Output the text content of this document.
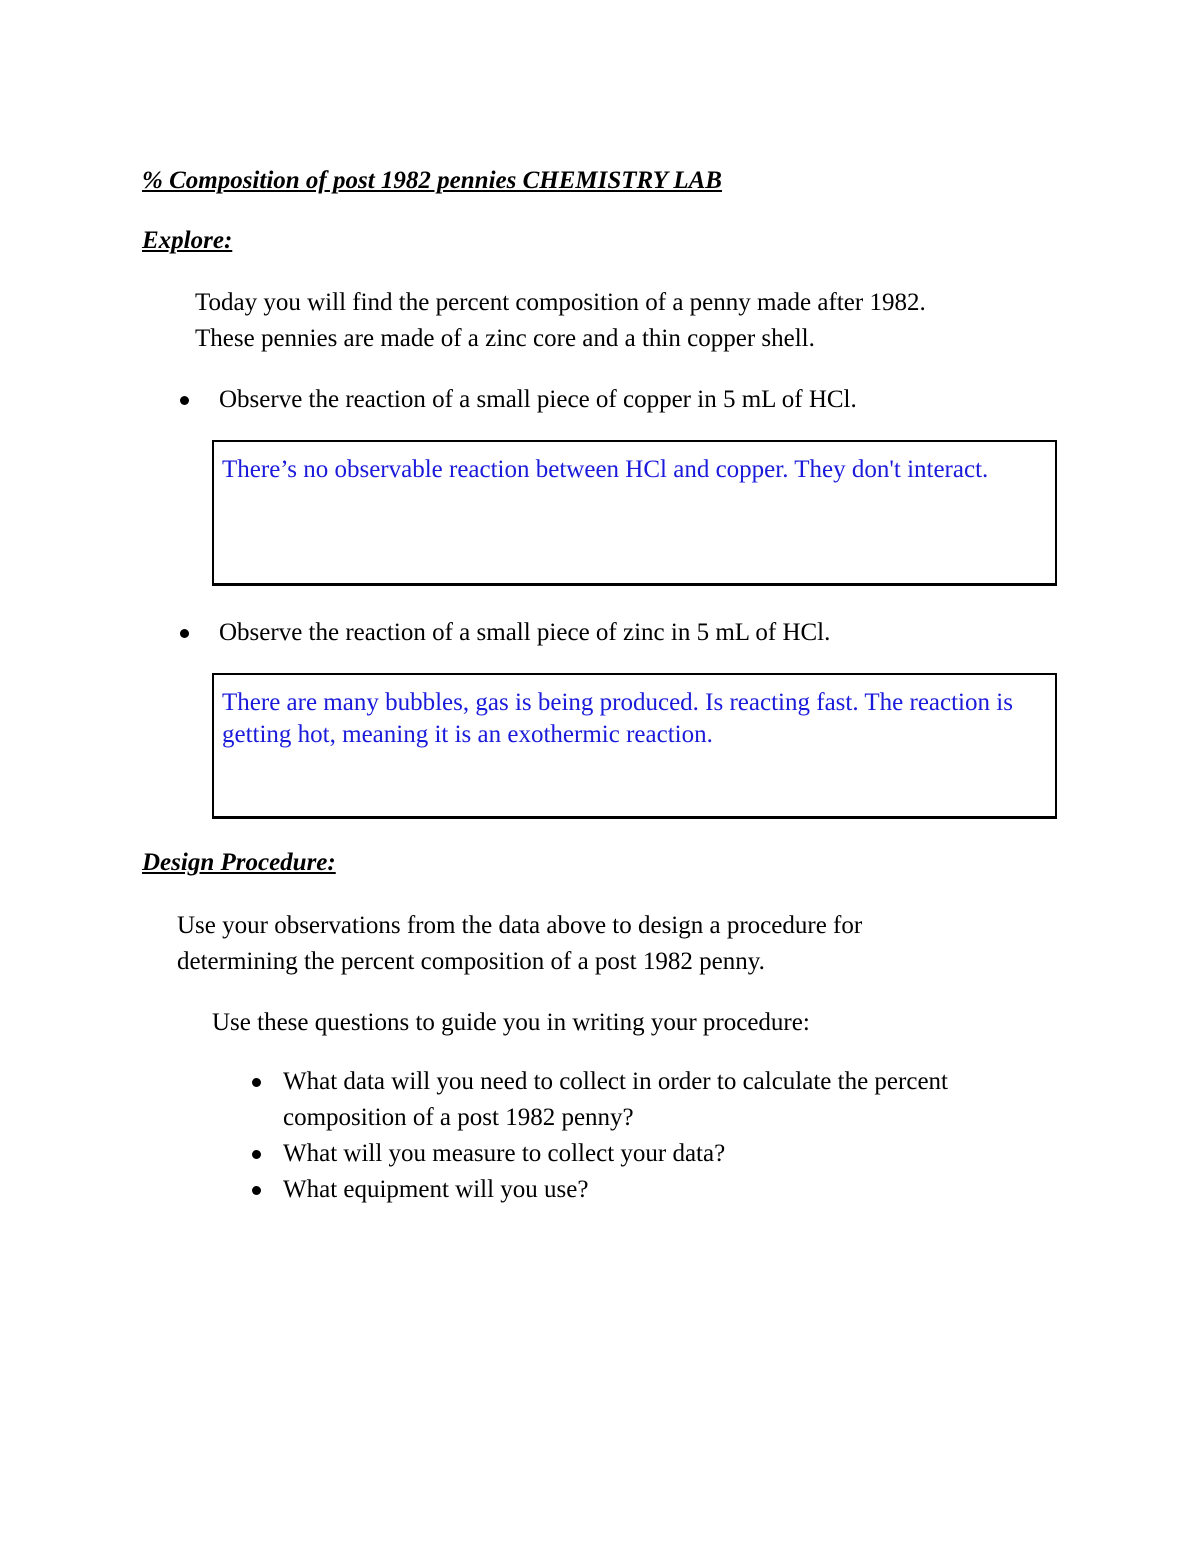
% Composition of post 1982 pennies CHEMISTRY LAB
Explore:
Today you will find the percent composition of a penny made after 1982.
These pennies are made of a zinc core and a thin copper shell.
Observe the reaction of a small piece of copper in 5 mL of HCl.
There’s no observable reaction between HCl and copper. They don't interact.
Observe the reaction of a small piece of zinc in 5 mL of HCl.
There are many bubbles, gas is being produced. Is reacting fast. The reaction is getting hot, meaning it is an exothermic reaction.
Design Procedure:
Use your observations from the data above to design a procedure for
determining the percent composition of a post 1982 penny.
Use these questions to guide you in writing your procedure:
What data will you need to collect in order to calculate the percent composition of a post 1982 penny?
What will you measure to collect your data?
What equipment will you use?
